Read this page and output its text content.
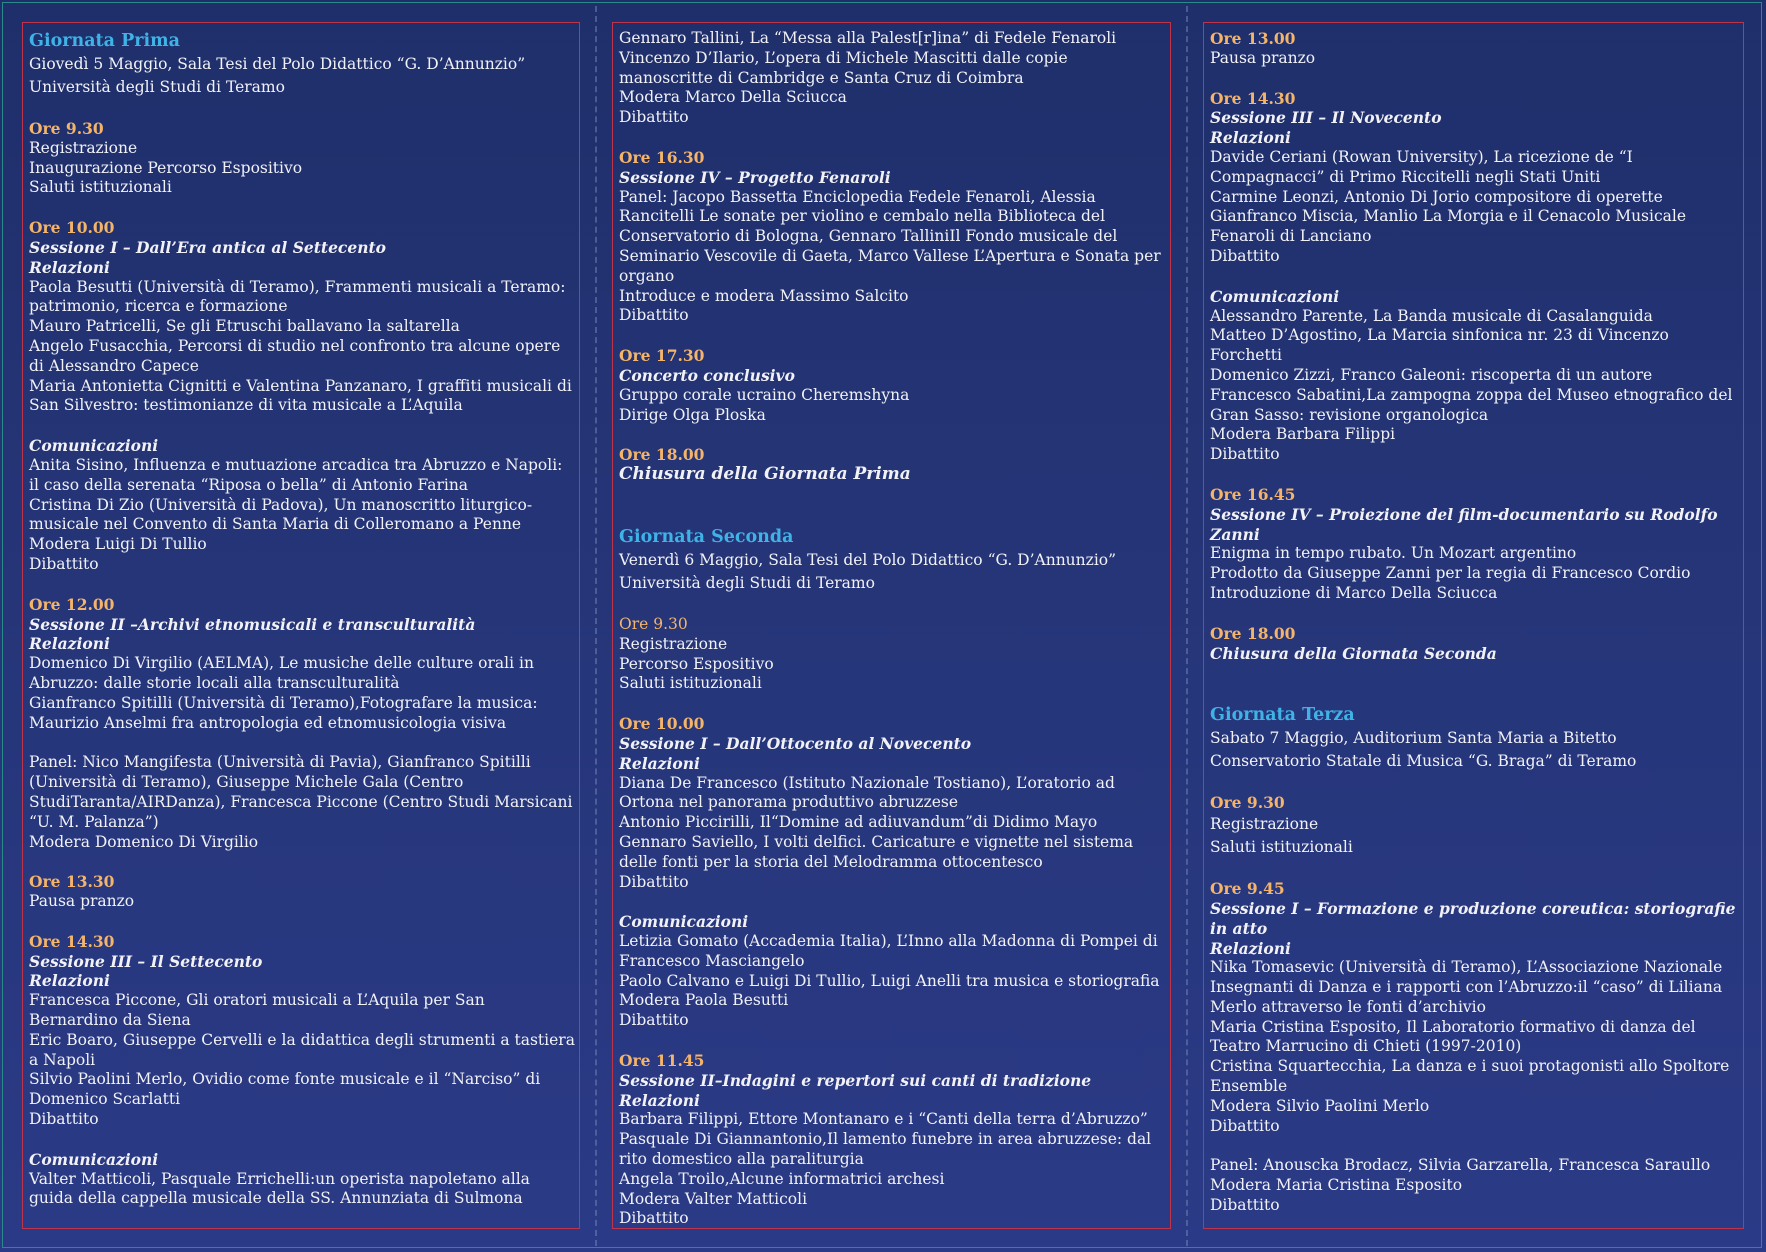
Giornata Prima

Giovedì 5 Maggio, Sala Tesi del Polo Didattico “G. D’Annunzio”

Università degli Studi di Teramo

Ore 9.30

Registrazione

Inaugurazione Percorso Espositivo

Saluti istituzionali

Ore 10.00

Sessione I – Dall’Era antica al Settecento

Relazioni

Paola Besutti (Università di Teramo), Frammenti musicali a Teramo: patrimonio, ricerca e formazione

Mauro Patricelli, Se gli Etruschi ballavano la saltarella

Angelo Fusacchia, Percorsi di studio nel confronto tra alcune opere di Alessandro Capece

Maria Antonietta Cignitti e Valentina Panzanaro, I graffiti musicali di San Silvestro: testimonianze di vita musicale a L’Aquila

Comunicazioni

Anita Sisino, Influenza e mutuazione arcadica tra Abruzzo e Napoli: il caso della serenata “Riposa o bella” di Antonio Farina

Cristina Di Zio (Università di Padova), Un manoscritto liturgico-musicale nel Convento di Santa Maria di Colleromano a Penne

Modera Luigi Di Tullio

Dibattito

Ore 12.00

Sessione II –Archivi etnomusicali e transculturalità

Relazioni

Domenico Di Virgilio (AELMA), Le musiche delle culture orali in Abruzzo: dalle storie locali alla transculturalità

Gianfranco Spitilli (Università di Teramo),Fotografare la musica: Maurizio Anselmi fra antropologia ed etnomusicologia visiva

Panel: Nico Mangifesta (Università di Pavia), Gianfranco Spitilli (Università di Teramo), Giuseppe Michele Gala (Centro StudiTaranta/AIRDanza), Francesca Piccone (Centro Studi Marsicani “U. M. Palanza”)

Modera Domenico Di Virgilio

Ore 13.30

Pausa pranzo

Ore 14.30

Sessione III – Il Settecento

Relazioni

Francesca Piccone, Gli oratori musicali a L’Aquila per San Bernardino da Siena

Eric Boaro, Giuseppe Cervelli e la didattica degli strumenti a tastiera a Napoli

Silvio Paolini Merlo, Ovidio come fonte musicale e il “Narciso” di Domenico Scarlatti

Dibattito

Comunicazioni

Valter Matticoli, Pasquale Errichelli:un operista napoletano alla guida della cappella musicale della SS. Annunziata di Sulmona

Gennaro Tallini, La “Messa alla Palest[r]ina” di Fedele Fenaroli

Vincenzo D’Ilario, L’opera di Michele Mascitti dalle copie manoscritte di Cambridge e Santa Cruz di Coimbra

Modera Marco Della Sciucca

Dibattito

Ore 16.30

Sessione IV – Progetto Fenaroli

Panel: Jacopo Bassetta Enciclopedia Fedele Fenaroli, Alessia Rancitelli Le sonate per violino e cembalo nella Biblioteca del Conservatorio di Bologna, Gennaro TalliniIl Fondo musicale del Seminario Vescovile di Gaeta, Marco Vallese L’Apertura e Sonata per organo

Introduce e modera Massimo Salcito

Dibattito

Ore 17.30

Concerto conclusivo

Gruppo corale ucraino Cheremshyna

Dirige Olga Ploska

Ore 18.00

Chiusura della Giornata Prima

Giornata Seconda

Venerdì 6 Maggio, Sala Tesi del Polo Didattico “G. D’Annunzio”

Università degli Studi di Teramo

Ore 9.30

Registrazione

Percorso Espositivo

Saluti istituzionali

Ore 10.00

Sessione I – Dall’Ottocento al Novecento

Relazioni

Diana De Francesco (Istituto Nazionale Tostiano), L’oratorio ad Ortona nel panorama produttivo abruzzese

Antonio Piccirilli, Il“Domine ad adiuvandum”di Didimo Mayo

Gennaro Saviello, I volti delfici. Caricature e vignette nel sistema delle fonti per la storia del Melodramma ottocentesco

Dibattito

Comunicazioni

Letizia Gomato (Accademia Italia), L’Inno alla Madonna di Pompei di Francesco Masciangelo

Paolo Calvano e Luigi Di Tullio, Luigi Anelli tra musica e storiografia

Modera Paola Besutti

Dibattito

Ore 11.45

Sessione II–Indagini e repertori sui canti di tradizione

Relazioni

Barbara Filippi, Ettore Montanaro e i “Canti della terra d’Abruzzo”

Pasquale Di Giannantonio,Il lamento funebre in area abruzzese: dal rito domestico alla paraliturgia

Angela Troilo,Alcune informatrici archesi

Modera Valter Matticoli

Dibattito

Ore 13.00

Pausa pranzo

Ore 14.30

Sessione III – Il Novecento

Relazioni

Davide Ceriani (Rowan University), La ricezione de “I Compagnacci” di Primo Riccitelli negli Stati Uniti

Carmine Leonzi, Antonio Di Jorio compositore di operette

Gianfranco Miscia, Manlio La Morgia e il Cenacolo Musicale Fenaroli di Lanciano

Dibattito

Comunicazioni

Alessandro Parente, La Banda musicale di Casalanguida

Matteo D’Agostino, La Marcia sinfonica nr. 23 di Vincenzo Forchetti

Domenico Zizzi, Franco Galeoni: riscoperta di un autore

Francesco Sabatini,La zampogna zoppa del Museo etnografico del Gran Sasso: revisione organologica

Modera Barbara Filippi

Dibattito

Ore 16.45

Sessione IV – Proiezione del film-documentario su Rodolfo Zanni

Enigma in tempo rubato. Un Mozart argentino

Prodotto da Giuseppe Zanni per la regia di Francesco Cordio

Introduzione di Marco Della Sciucca

Ore 18.00

Chiusura della Giornata Seconda

Giornata Terza

Sabato 7 Maggio, Auditorium Santa Maria a Bitetto

Conservatorio Statale di Musica “G. Braga” di Teramo

Ore 9.30

Registrazione

Saluti istituzionali

Ore 9.45

Sessione I – Formazione e produzione coreutica: storiografie in atto

Relazioni

Nika Tomasevic (Università di Teramo), L’Associazione Nazionale Insegnanti di Danza e i rapporti con l’Abruzzo:il “caso” di Liliana Merlo attraverso le fonti d’archivio

Maria Cristina Esposito, Il Laboratorio formativo di danza del Teatro Marrucino di Chieti (1997-2010)

Cristina Squartecchia, La danza e i suoi protagonisti allo Spoltore Ensemble

Modera Silvio Paolini Merlo

Dibattito

Panel: Anouscka Brodacz, Silvia Garzarella, Francesca Saraullo

Modera Maria Cristina Esposito

Dibattito
